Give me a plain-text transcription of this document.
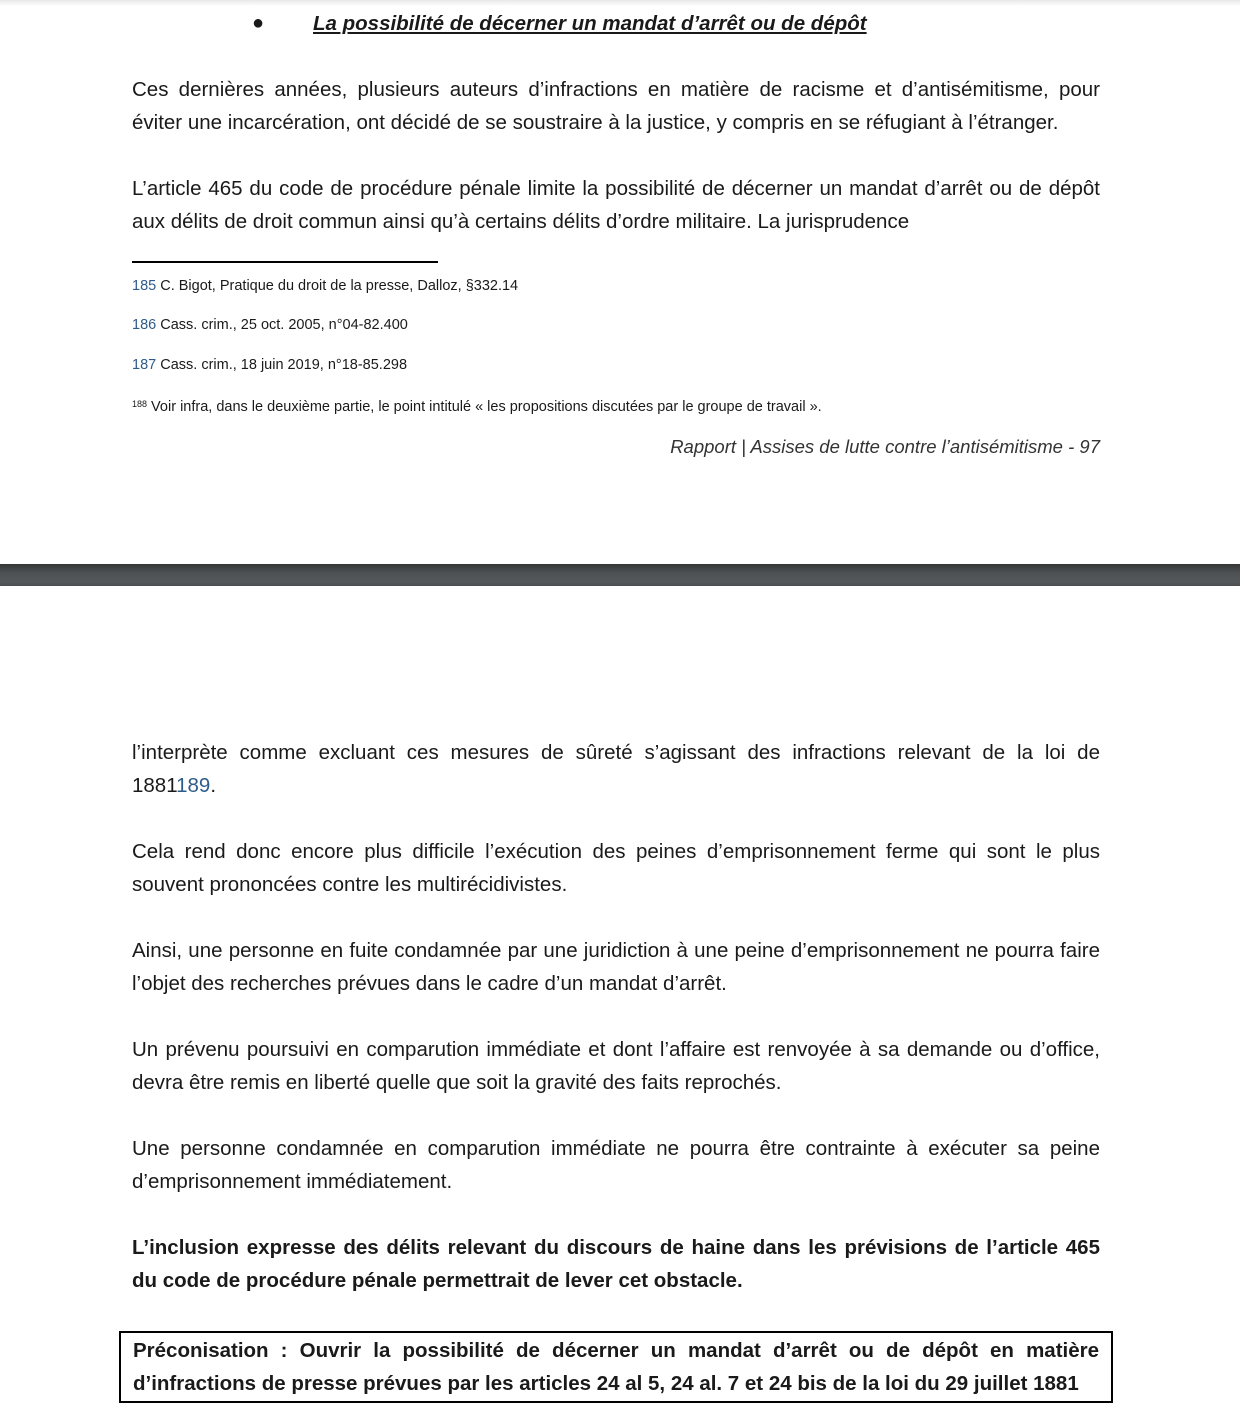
● La possibilité de décerner un mandat d’arrêt ou de dépôt
Ces dernières années, plusieurs auteurs d’infractions en matière de racisme et d’antisémitisme, pour éviter une incarcération, ont décidé de se soustraire à la justice, y compris en se réfugiant à l’étranger.
L’article 465 du code de procédure pénale limite la possibilité de décerner un mandat d’arrêt ou de dépôt aux délits de droit commun ainsi qu’à certains délits d’ordre militaire. La jurisprudence
185 C. Bigot, Pratique du droit de la presse, Dalloz, §332.14
186 Cass. crim., 25 oct. 2005, n°04-82.400
187 Cass. crim., 18 juin 2019, n°18-85.298
$^{188}$ Voir infra, dans le deuxième partie, le point intitulé « les propositions discutées par le groupe de travail ».
Rapport | Assises de lutte contre l’antisémitisme - 97
l’interprète comme excluant ces mesures de sûreté s’agissant des infractions relevant de la loi de 1881189.
Cela rend donc encore plus difficile l’exécution des peines d’emprisonnement ferme qui sont le plus souvent prononcées contre les multirécidivistes.
Ainsi, une personne en fuite condamnée par une juridiction à une peine d’emprisonnement ne pourra faire l’objet des recherches prévues dans le cadre d’un mandat d’arrêt.
Un prévenu poursuivi en comparution immédiate et dont l’affaire est renvoyée à sa demande ou d’office, devra être remis en liberté quelle que soit la gravité des faits reprochés.
Une personne condamnée en comparution immédiate ne pourra être contrainte à exécuter sa peine d’emprisonnement immédiatement.
L’inclusion expresse des délits relevant du discours de haine dans les prévisions de l’article 465 du code de procédure pénale permettrait de lever cet obstacle.
Préconisation : Ouvrir la possibilité de décerner un mandat d’arrêt ou de dépôt en matière d’infractions de presse prévues par les articles 24 al 5, 24 al. 7 et 24 bis de la loi du 29 juillet 1881
